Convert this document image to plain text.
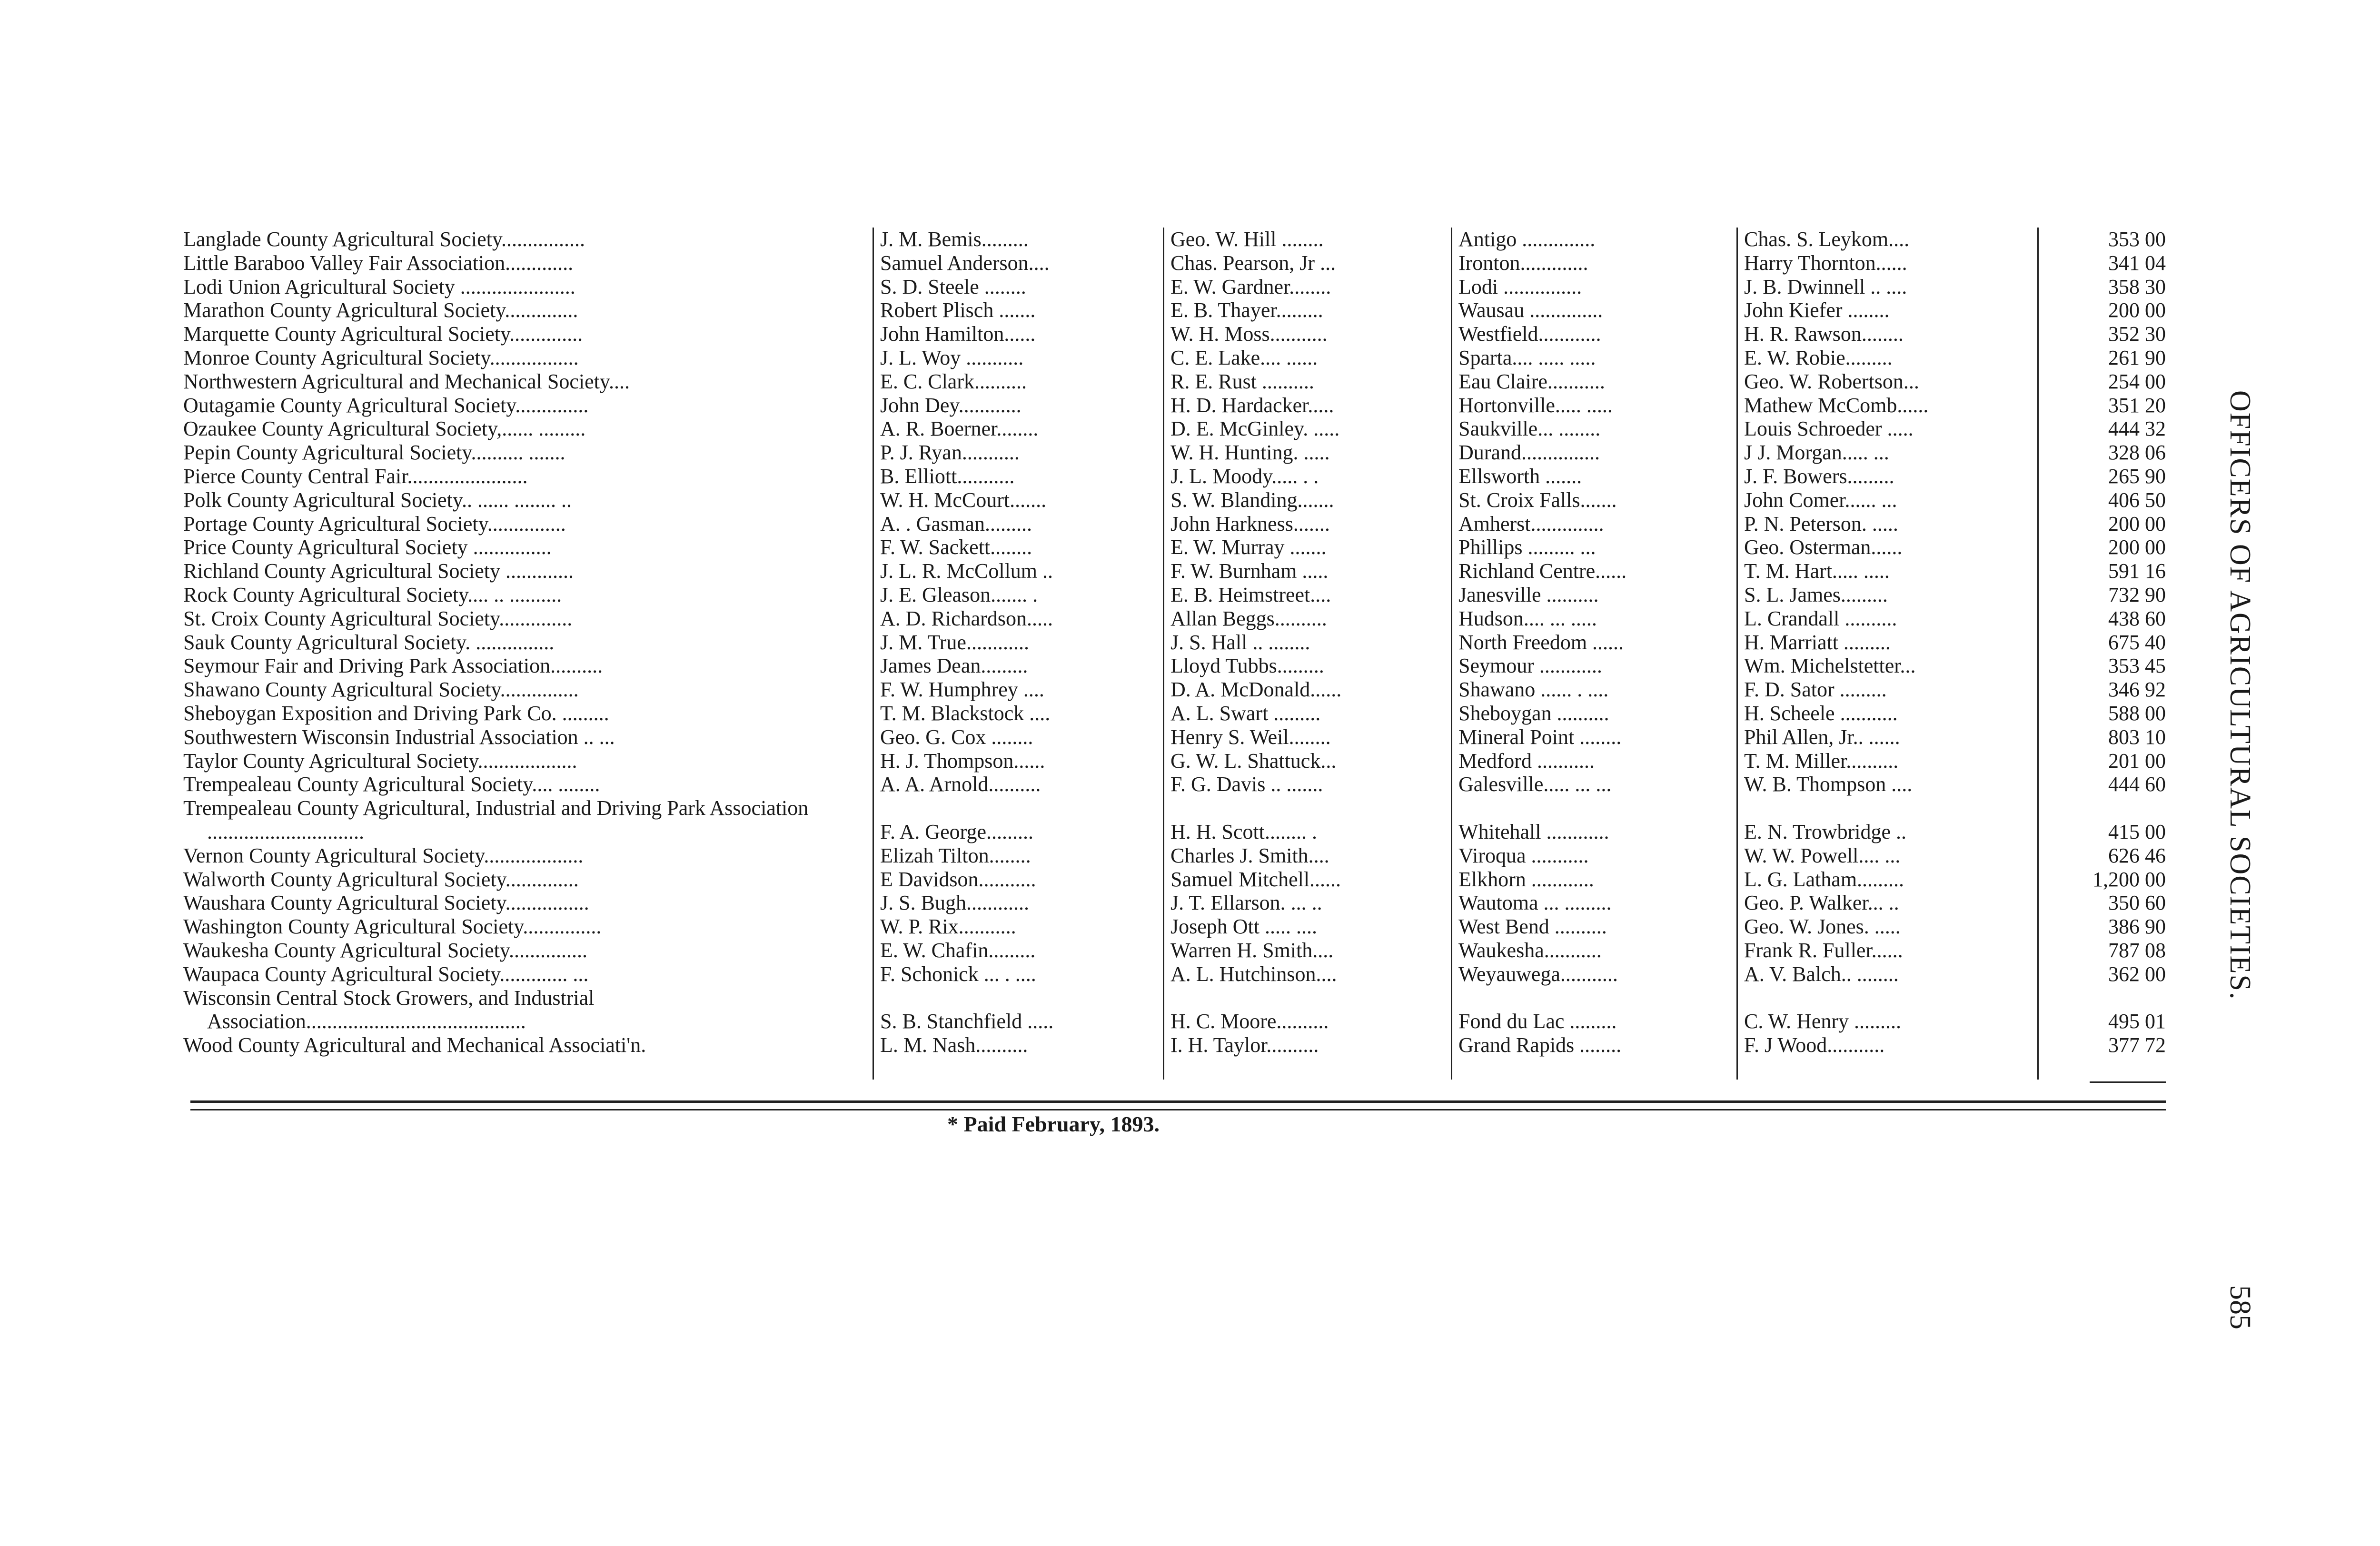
Langlade County Agricultural Society................	J. M. Bemis.........	Geo. W. Hill ........	Antigo ..............	Chas. S. Leykom....	353 00
Little Baraboo Valley Fair Association.............	Samuel Anderson....	Chas. Pearson, Jr ...	Ironton.............	Harry Thornton......	341 04
Lodi Union Agricultural Society ......................	S. D. Steele ........	E. W. Gardner........	Lodi ...............	J. B. Dwinnell .. ....	358 30
Marathon County Agricultural Society..............	Robert Plisch .......	E. B. Thayer.........	Wausau ..............	John Kiefer ........	200 00
Marquette County Agricultural Society..............	John Hamilton......	W. H. Moss...........	Westfield............	H. R. Rawson........	352 30
Monroe County Agricultural Society.................	J. L. Woy ...........	C. E. Lake.... ......	Sparta.... ..... .....	E. W. Robie.........	261 90
Northwestern Agricultural and Mechanical Society....	E. C. Clark..........	R. E. Rust ..........	Eau Claire...........	Geo. W. Robertson...	254 00
Outagamie County Agricultural Society..............	John Dey............	H. D. Hardacker.....	Hortonville..... .....	Mathew McComb......	351 20
Ozaukee County Agricultural Society,...... .........	A. R. Boerner........	D. E. McGinley. .....	Saukville... ........	Louis Schroeder .....	444 32
Pepin County Agricultural Society.......... .......	P. J. Ryan...........	W. H. Hunting. .....	Durand...............	J J. Morgan..... ...	328 06
Pierce County Central Fair.......................	B. Elliott...........	J. L. Moody..... . .	Ellsworth .......	J. F. Bowers.........	265 90
Polk County Agricultural Society.. ...... ........ ..	W. H. McCourt.......	S. W. Blanding.......	St. Croix Falls.......	John Comer...... ...	406 50
Portage County Agricultural Society...............	A. . Gasman.........	John Harkness.......	Amherst..............	P. N. Peterson. .....	200 00
Price County Agricultural Society ...............	F. W. Sackett........	E. W. Murray .......	Phillips ......... ...	Geo. Osterman......	200 00
Richland County Agricultural Society .............	J. L. R. McCollum ..	F. W. Burnham .....	Richland Centre......	T. M. Hart..... .....	591 16
Rock County Agricultural Society.... .. ..........	J. E. Gleason....... .	E. B. Heimstreet....	Janesville ..........	S. L. James.........	732 90
St. Croix County Agricultural Society..............	A. D. Richardson.....	Allan Beggs..........	Hudson.... ... .....	L. Crandall ..........	438 60
Sauk County Agricultural Society. ...............	J. M. True............	J. S. Hall .. ........	North Freedom ......	H. Marriatt .........	675 40
Seymour Fair and Driving Park Association..........	James Dean.........	Lloyd Tubbs.........	Seymour ............	Wm. Michelstetter...	353 45
Shawano County Agricultural Society...............	F. W. Humphrey ....	D. A. McDonald......	Shawano ...... . ....	F. D. Sator .........	346 92
Sheboygan Exposition and Driving Park Co. .........	T. M. Blackstock ....	A. L. Swart .........	Sheboygan ..........	H. Scheele ...........	588 00
Southwestern Wisconsin Industrial Association .. ...	Geo. G. Cox ........	Henry S. Weil........	Mineral Point ........	Phil Allen, Jr.. ......	803 10
Taylor County Agricultural Society...................	H. J. Thompson......	G. W. L. Shattuck...	Medford ...........	T. M. Miller..........	201 00
Trempealeau County Agricultural Society.... ........	A. A. Arnold..........	F. G. Davis .. .......	Galesville..... ... ...	W. B. Thompson ....	444 60
Trempealeau County Agricultural, Industrial and Driving Park Association ..............................	F. A. George.........	H. H. Scott........ .	Whitehall ............	E. N. Trowbridge ..	415 00
Vernon County Agricultural Society...................	Elizah Tilton........	Charles J. Smith....	Viroqua ...........	W. W. Powell.... ...	626 46
Walworth County Agricultural Society..............	E Davidson...........	Samuel Mitchell......	Elkhorn ............	L. G. Latham.........	1,200 00
Waushara County Agricultural Society................	J. S. Bugh............	J. T. Ellarson. ... ..	Wautoma ... .........	Geo. P. Walker... ..	350 60
Washington County Agricultural Society...............	W. P. Rix...........	Joseph Ott ..... ....	West Bend ..........	Geo. W. Jones. .....	386 90
Waukesha County Agricultural Society...............	E. W. Chafin.........	Warren H. Smith....	Waukesha...........	Frank R. Fuller......	787 08
Waupaca County Agricultural Society............. ...	F. Schonick ... . ....	A. L. Hutchinson....	Weyauwega...........	A. V. Balch.. ........	362 00
Wisconsin Central Stock Growers, and Industrial Association..........................................	S. B. Stanchfield .....	H. C. Moore..........	Fond du Lac .........	C. W. Henry .........	495 01
Wood County Agricultural and Mechanical Associati'n.	L. M. Nash..........	I. H. Taylor..........	Grand Rapids ........	F. J Wood...........	377 72
* Paid February, 1893.
OFFICERS OF AGRICULTURAL SOCIETIES.
585
